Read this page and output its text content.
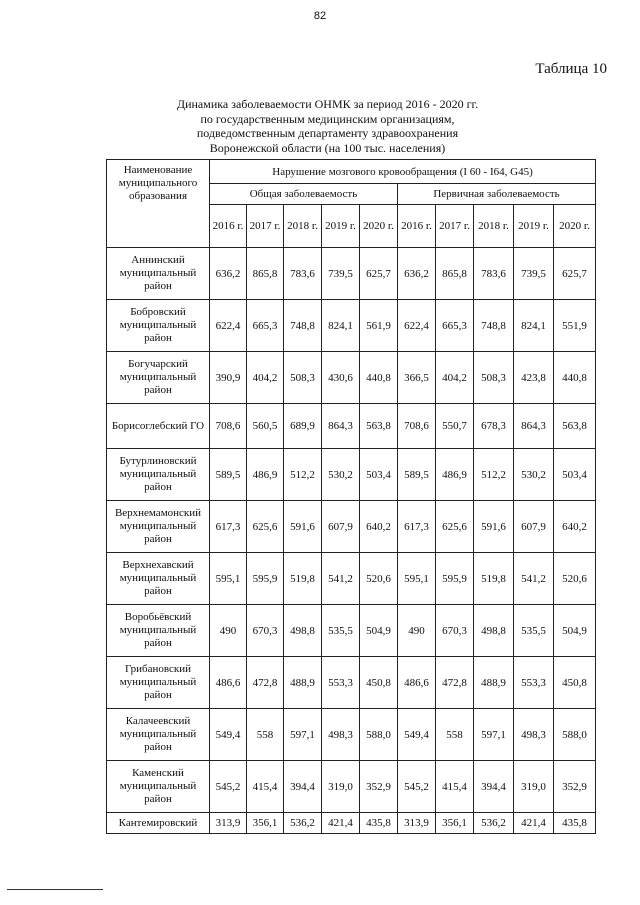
82
Таблица 10
Динамика заболеваемости ОНМК за период 2016 - 2020 гг.
по государственным медицинским организациям,
подведомственным департаменту здравоохранения
Воронежской области (на 100 тыс. населения)
Наименование муниципального образования	Нарушение мозгового кровообращения (I 60 - I64, G45)									
	Общая заболеваемость					Первичная заболеваемость				
	2016 г.	2017 г.	2018 г.	2019 г.	2020 г.	2016 г.	2017 г.	2018 г.	2019 г.	2020 г.
Аннинский муниципальный район	636,2	865,8	783,6	739,5	625,7	636,2	865,8	783,6	739,5	625,7
Бобровский муниципальный район	622,4	665,3	748,8	824,1	561,9	622,4	665,3	748,8	824,1	551,9
Богучарский муниципальный район	390,9	404,2	508,3	430,6	440,8	366,5	404,2	508,3	423,8	440,8
Борисоглебский ГО	708,6	560,5	689,9	864,3	563,8	708,6	550,7	678,3	864,3	563,8
Бутурлиновский муниципальный район	589,5	486,9	512,2	530,2	503,4	589,5	486,9	512,2	530,2	503,4
Верхнемамонский муниципальный район	617,3	625,6	591,6	607,9	640,2	617,3	625,6	591,6	607,9	640,2
Верхнехавский муниципальный район	595,1	595,9	519,8	541,2	520,6	595,1	595,9	519,8	541,2	520,6
Воробьёвский муниципальный район	490	670,3	498,8	535,5	504,9	490	670,3	498,8	535,5	504,9
Грибановский муниципальный район	486,6	472,8	488,9	553,3	450,8	486,6	472,8	488,9	553,3	450,8
Калачеевский муниципальный район	549,4	558	597,1	498,3	588,0	549,4	558	597,1	498,3	588,0
Каменский муниципальный район	545,2	415,4	394,4	319,0	352,9	545,2	415,4	394,4	319,0	352,9
Кантемировский	313,9	356,1	536,2	421,4	435,8	313,9	356,1	536,2	421,4	435,8
